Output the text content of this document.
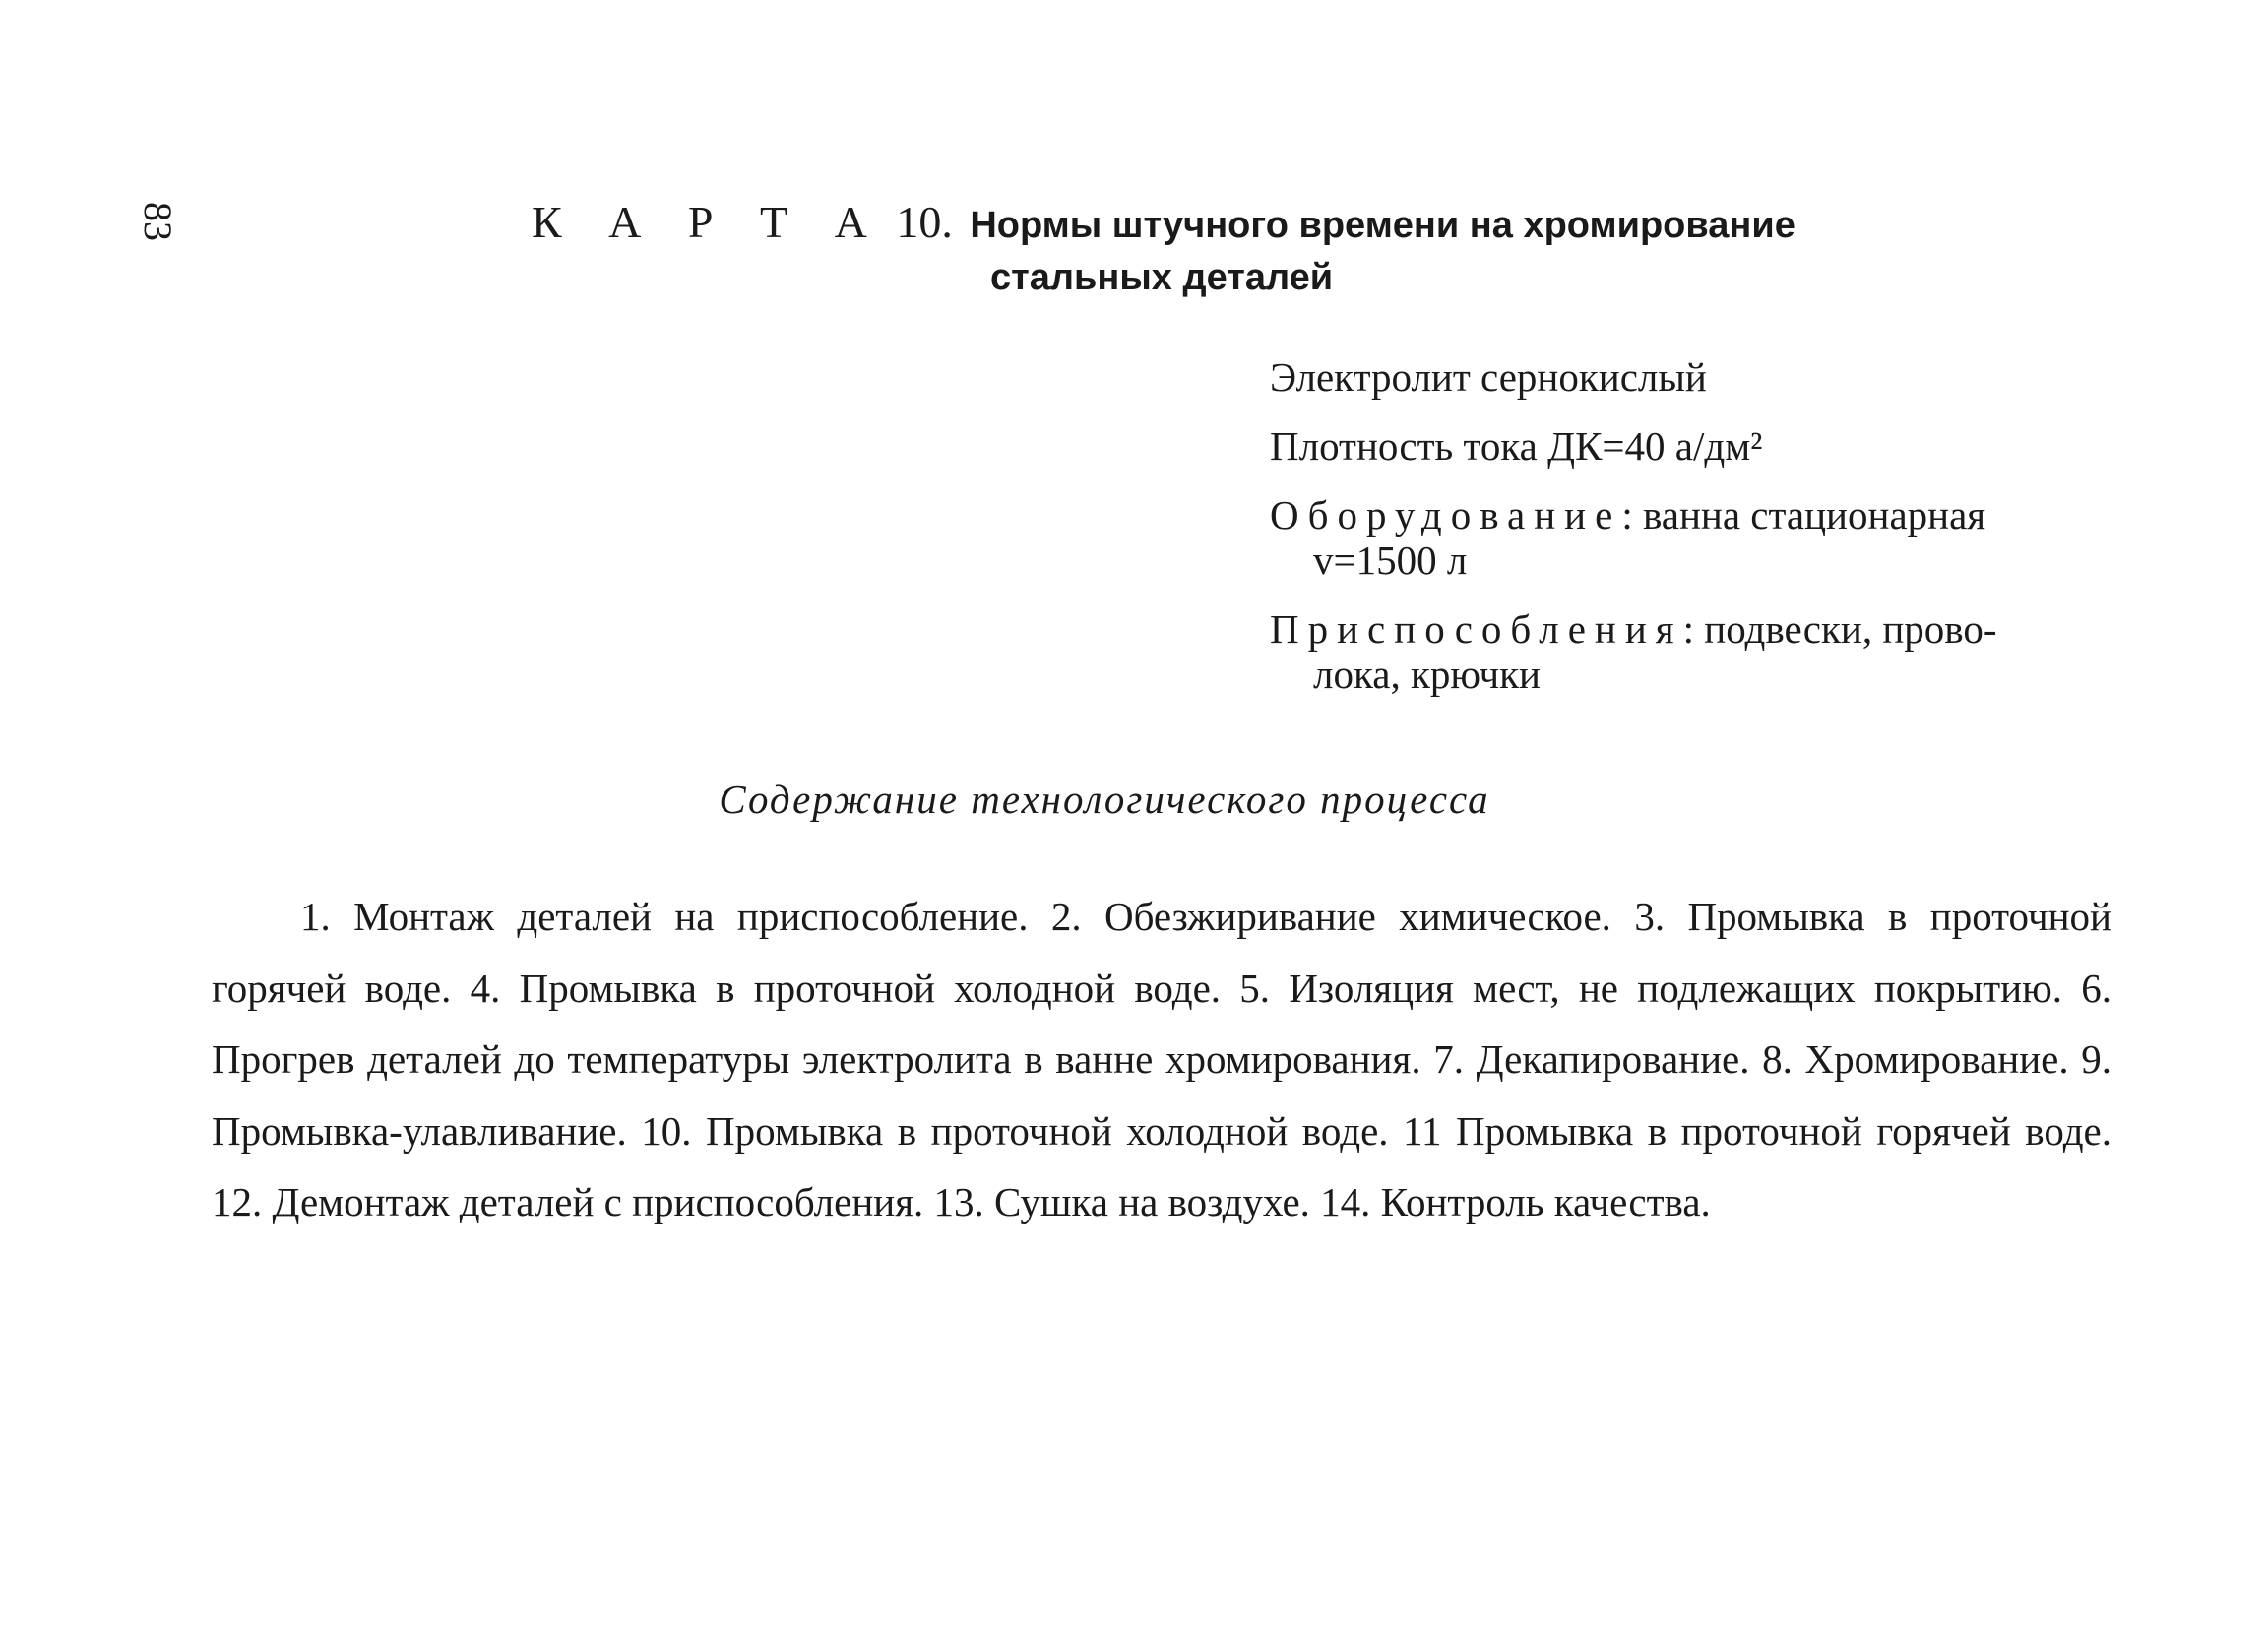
83	К А Р Т А 10. Нормы штучного времени на хромирование
стальных деталей
Электролит сернокислый
Плотность тока ДК=40 а/дм²
Оборудование: ванна стационарная
v=1500 л
Приспособления: подвески, прово-
лока, крючки
Содержание технологического процесса

1. Монтаж деталей на приспособление. 2. Обезжиривание химическое. 3. Промывка в проточной горячей воде. 4. Промывка в проточной холодной воде. 5. Изоляция мест, не подлежащих покрытию. 6. Прогрев деталей до температуры электролита в ванне хромирования. 7. Декапирование. 8. Хромирование. 9. Промывка-улавливание. 10. Промывка в проточной холодной воде. 11 Промывка в проточной горячей воде. 12. Демонтаж деталей с приспособления. 13. Сушка на воздухе. 14. Контроль качества.
